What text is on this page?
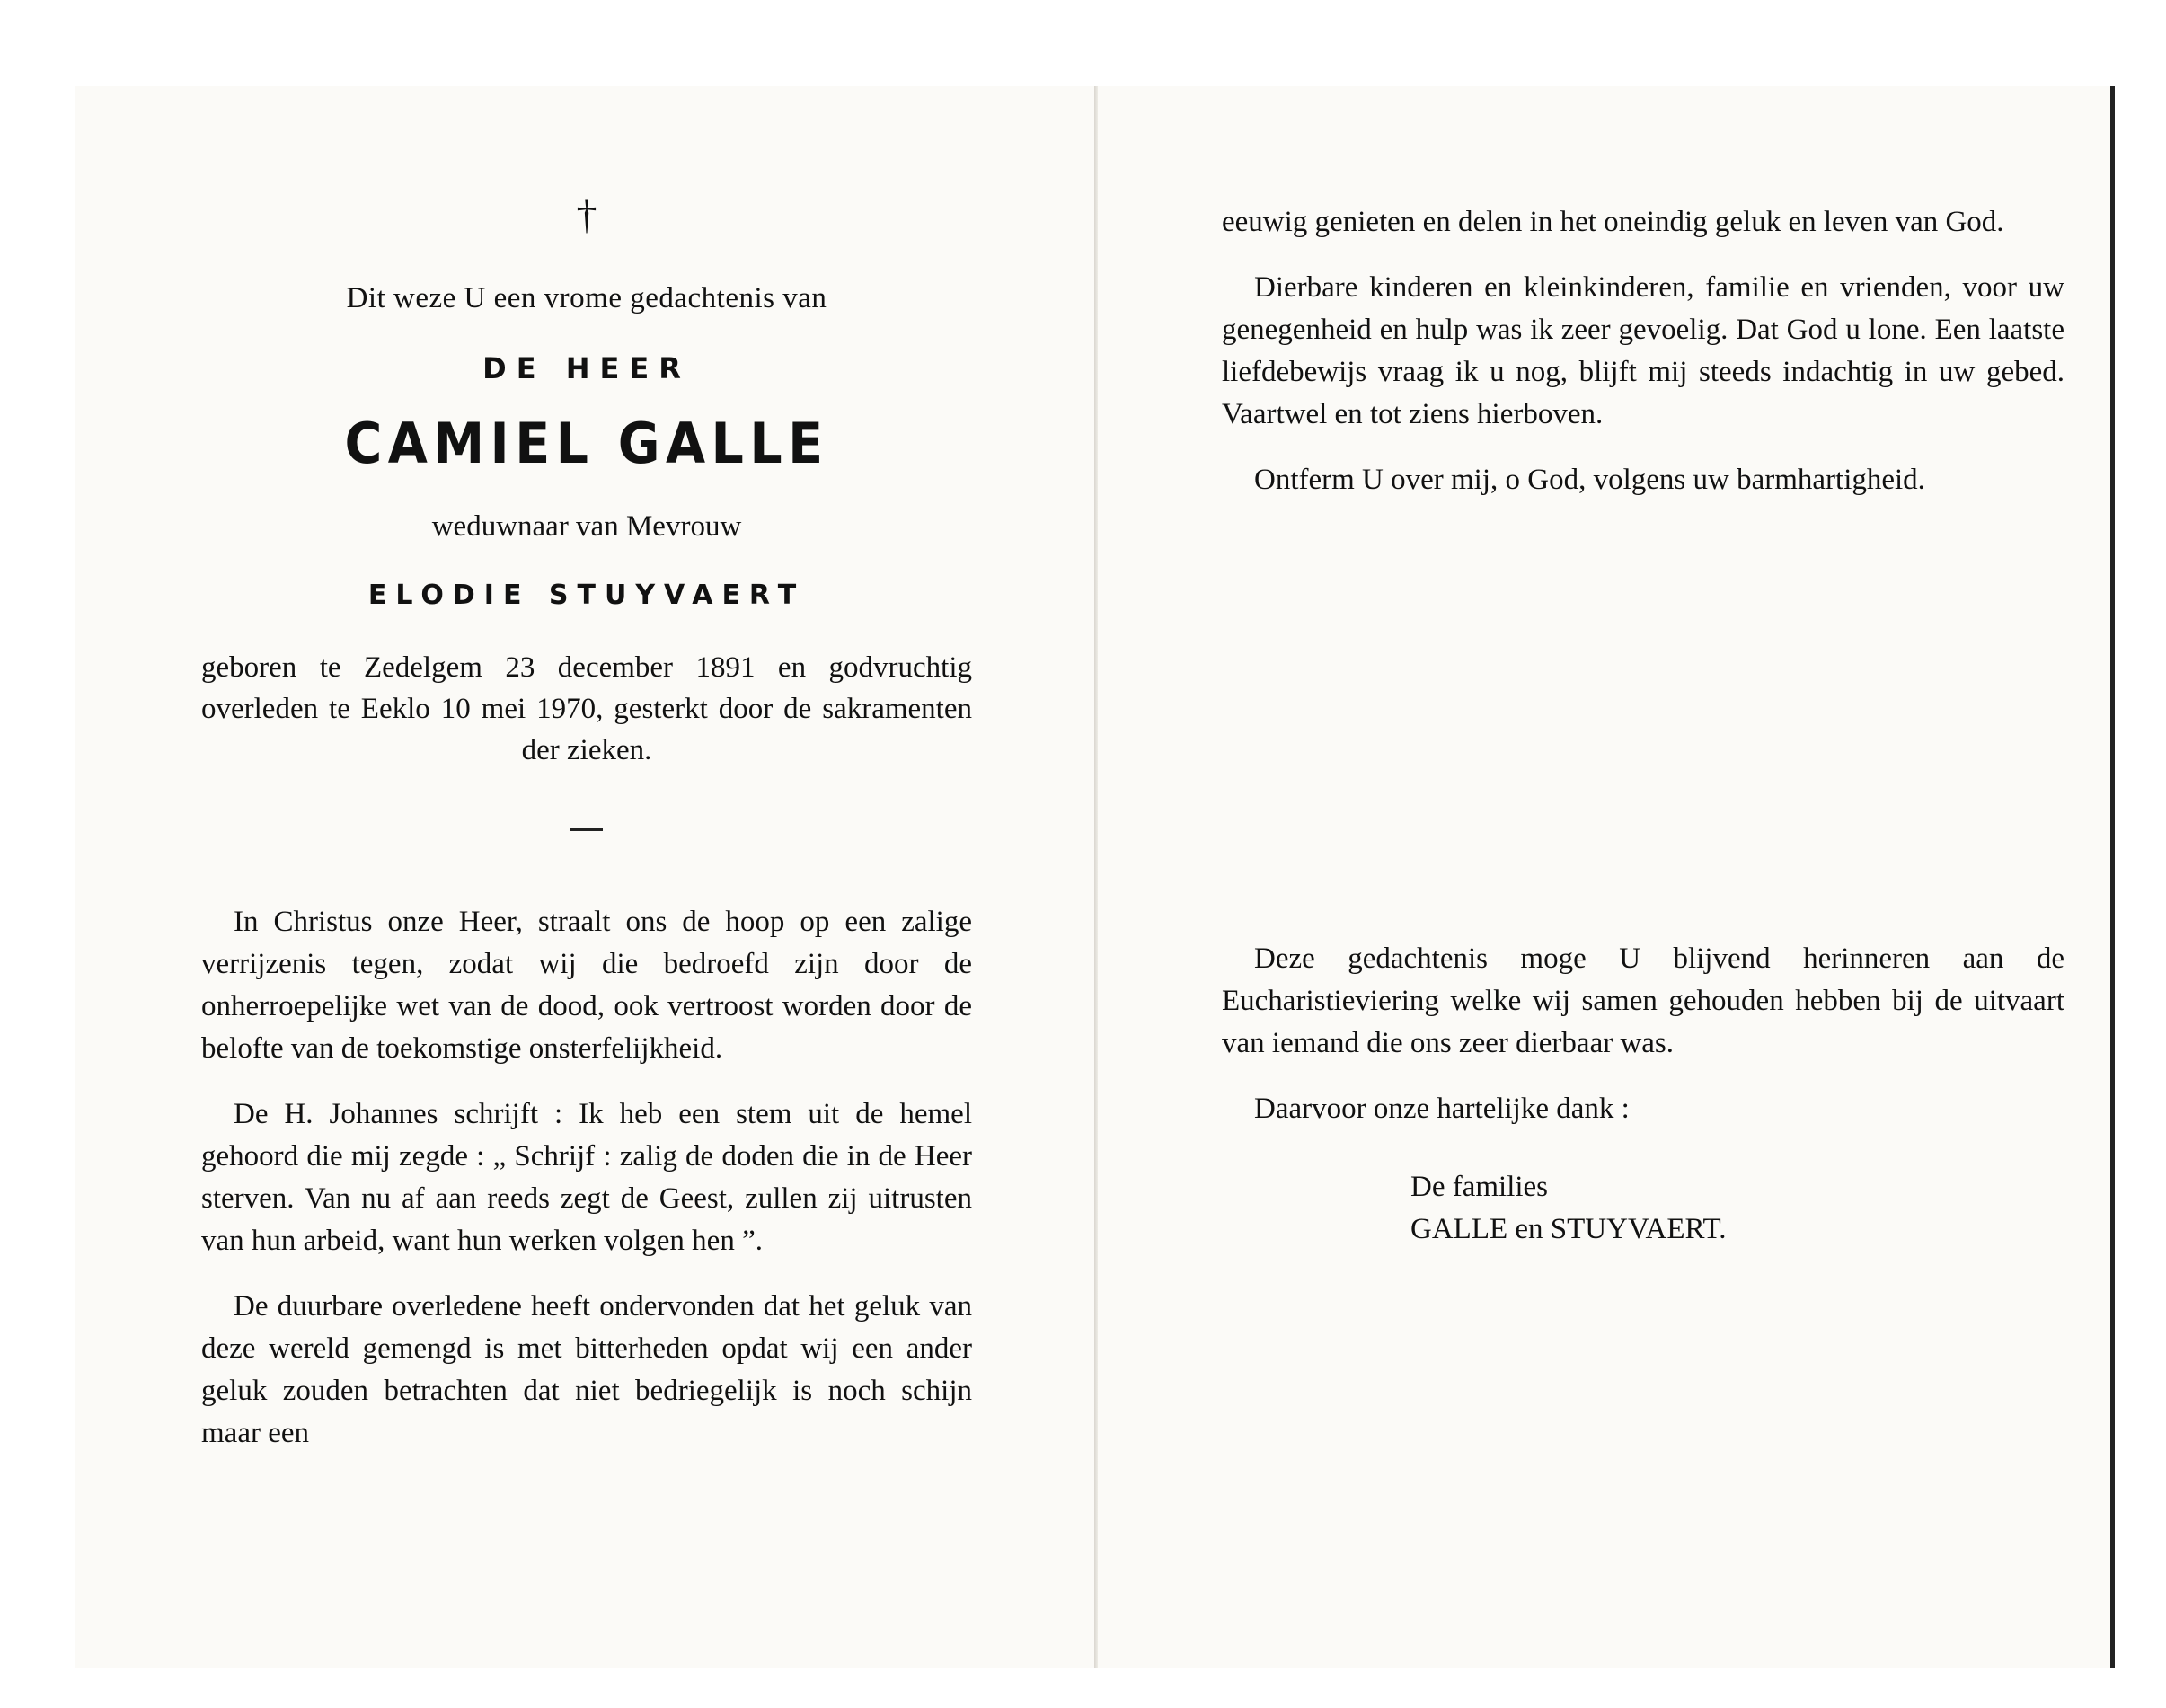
†
Dit weze U een vrome gedachtenis van
DE HEER
CAMIEL GALLE
weduwnaar van Mevrouw
ELODIE STUYVAERT

geboren te Zedelgem 23 december 1891 en godvruchtig overleden te Eeklo 10 mei 1970, gesterkt door de sakramenten der zieken.

In Christus onze Heer, straalt ons de hoop op een zalige verrijzenis tegen, zodat wij die bedroefd zijn door de onherroepelijke wet van de dood, ook vertroost worden door de belofte van de toekomstige onsterfelijkheid.

De H. Johannes schrijft : Ik heb een stem uit de hemel gehoord die mij zegde : „ Schrijf : zalig de doden die in de Heer sterven. Van nu af aan reeds zegt de Geest, zullen zij uitrusten van hun arbeid, want hun werken volgen hen ”.

De duurbare overledene heeft ondervonden dat het geluk van deze wereld gemengd is met bitterheden opdat wij een ander geluk zouden betrachten dat niet bedriegelijk is noch schijn maar een

eeuwig genieten en delen in het oneindig geluk en leven van God.

Dierbare kinderen en kleinkinderen, familie en vrienden, voor uw genegenheid en hulp was ik zeer gevoelig. Dat God u lone. Een laatste liefdebewijs vraag ik u nog, blijft mij steeds indachtig in uw gebed. Vaartwel en tot ziens hierboven.

Ontferm U over mij, o God, volgens uw barmhartigheid.

Deze gedachtenis moge U blijvend herinneren aan de Eucharistieviering welke wij samen gehouden hebben bij de uitvaart van iemand die ons zeer dierbaar was.

Daarvoor onze hartelijke dank :

De families
GALLE en STUYVAERT.
